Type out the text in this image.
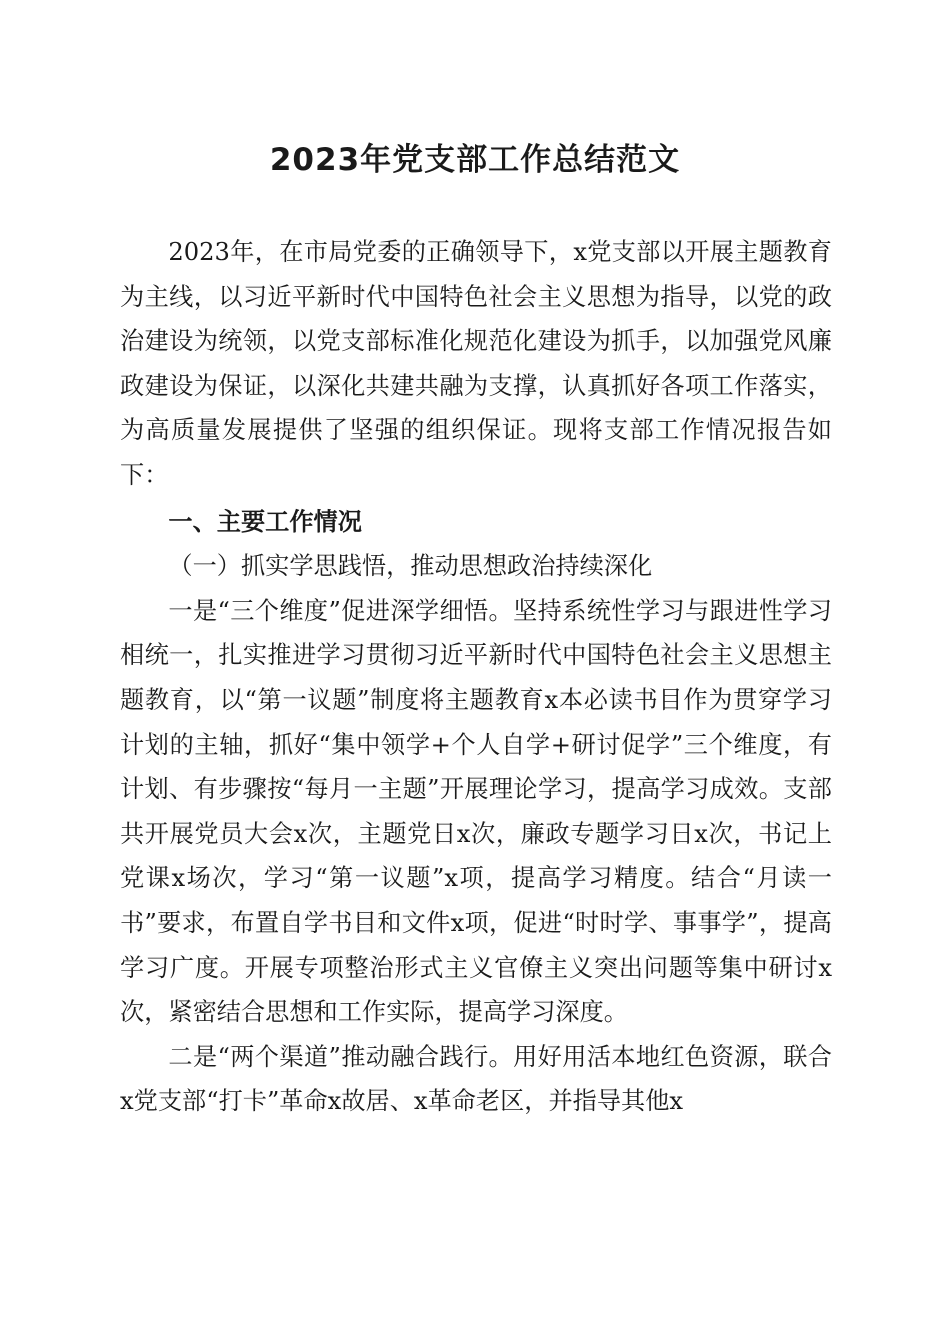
2023年党支部工作总结范文

2023年，在市局党委的正确领导下，x党支部以开展主题教育为主线，以习近平新时代中国特色社会主义思想为指导，以党的政治建设为统领，以党支部标准化规范化建设为抓手，以加强党风廉政建设为保证，以深化共建共融为支撑，认真抓好各项工作落实，为高质量发展提供了坚强的组织保证。现将支部工作情况报告如下：

一、主要工作情况
（一）抓实学思践悟，推动思想政治持续深化

一是“三个维度”促进深学细悟。坚持系统性学习与跟进性学习相统一，扎实推进学习贯彻习近平新时代中国特色社会主义思想主题教育，以“第一议题”制度将主题教育x本必读书目作为贯穿学习计划的主轴，抓好“集中领学+个人自学+研讨促学”三个维度，有计划、有步骤按“每月一主题”开展理论学习，提高学习成效。支部共开展党员大会x次，主题党日x次，廉政专题学习日x次，书记上党课x场次，学习“第一议题”x项，提高学习精度。结合“月读一书”要求，布置自学书目和文件x项，促进“时时学、事事学”，提高学习广度。开展专项整治形式主义官僚主义突出问题等集中研讨x次，紧密结合思想和工作实际，提高学习深度。

二是“两个渠道”推动融合践行。用好用活本地红色资源，联合x党支部“打卡”革命x故居、x革命老区，并指导其他x
